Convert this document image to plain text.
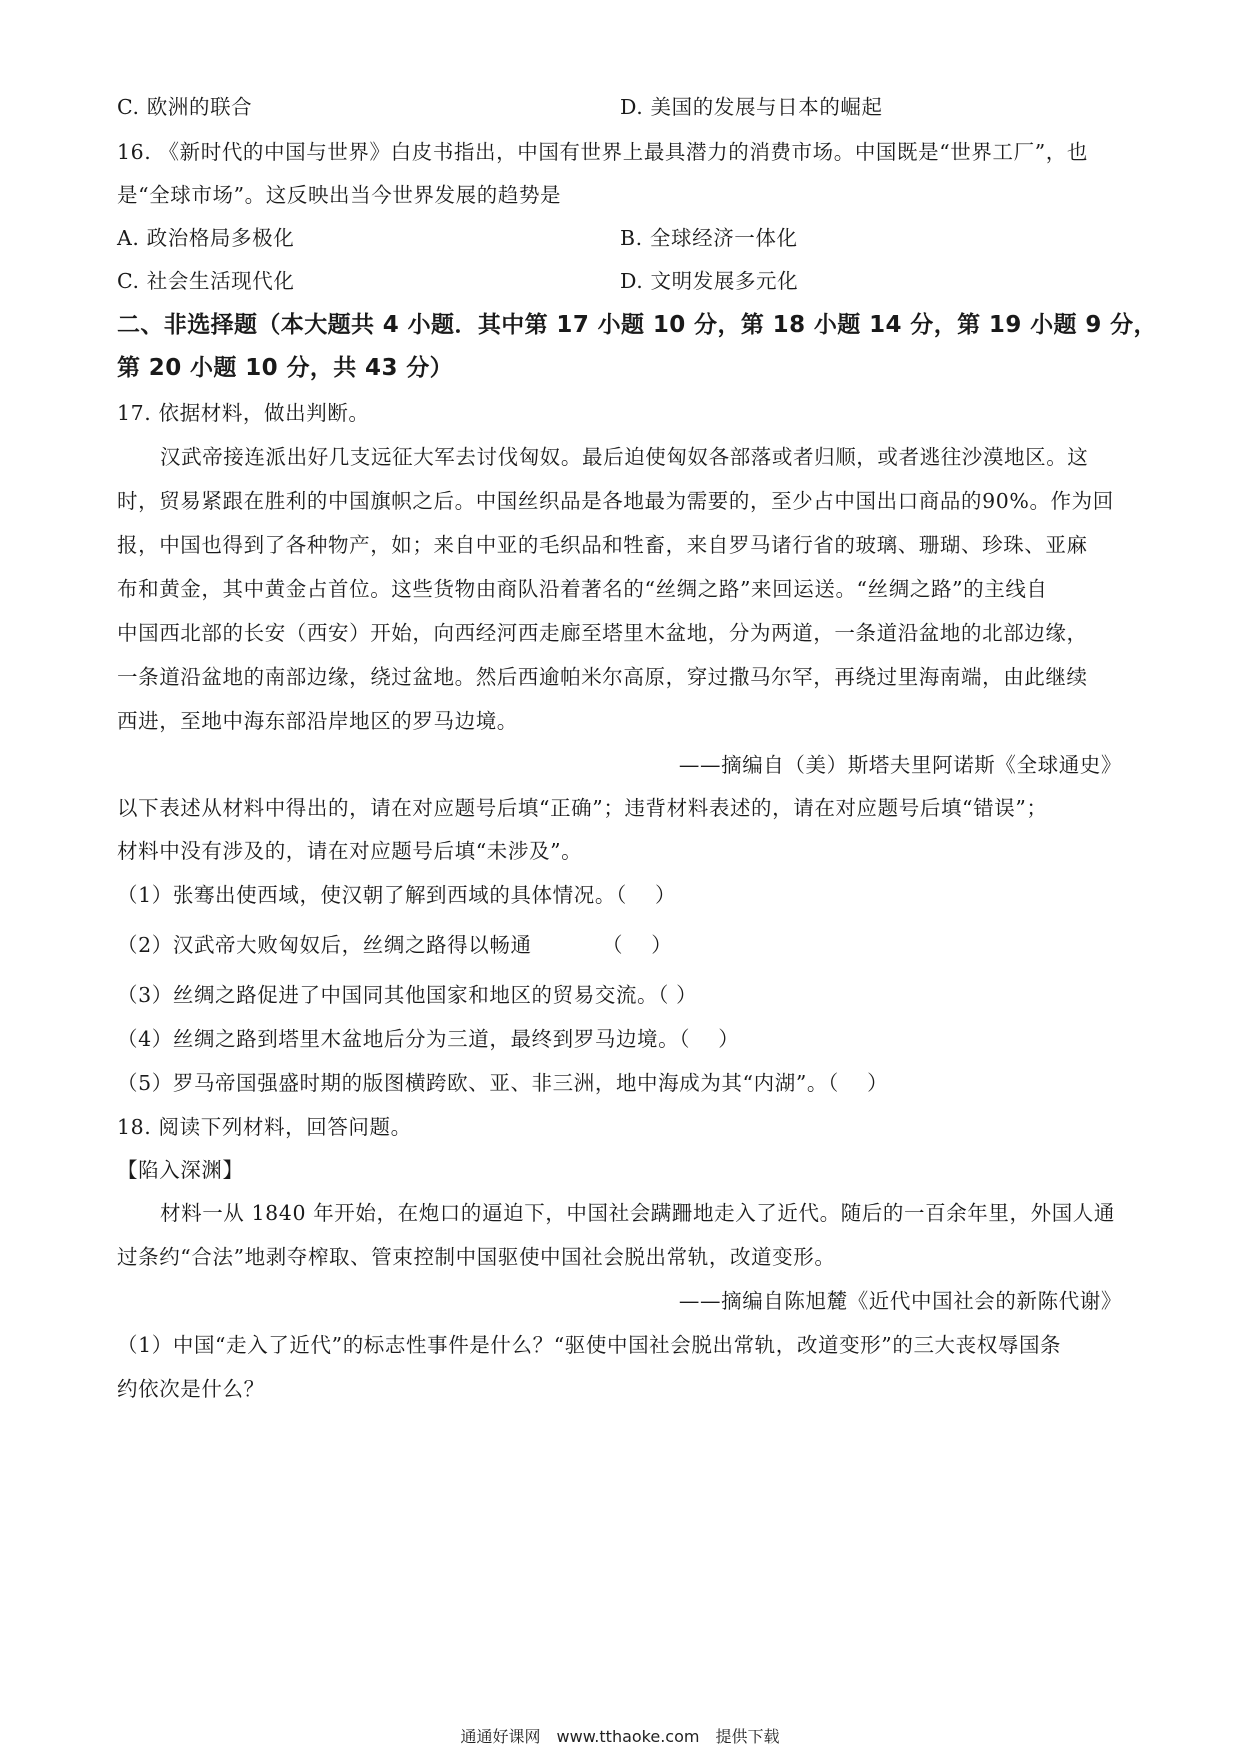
C. 欧洲的联合	D. 美国的发展与日本的崛起
16. 《新时代的中国与世界》白皮书指出，中国有世界上最具潜力的消费市场。中国既是“世界工厂”，也
是“全球市场”。这反映出当今世界发展的趋势是
A. 政治格局多极化	B. 全球经济一体化
C. 社会生活现代化	D. 文明发展多元化
二、非选择题（本大题共 4 小题．其中第 17 小题 10 分，第 18 小题 14 分，第 19 小题 9 分，
第 20 小题 10 分，共 43 分）
17. 依据材料，做出判断。
汉武帝接连派出好几支远征大军去讨伐匈奴。最后迫使匈奴各部落或者归顺，或者逃往沙漠地区。这
时，贸易紧跟在胜利的中国旗帜之后。中国丝织品是各地最为需要的，至少占中国出口商品的90%。作为回
报，中国也得到了各种物产，如；来自中亚的毛织品和牲畜，来自罗马诸行省的玻璃、珊瑚、珍珠、亚麻
布和黄金，其中黄金占首位。这些货物由商队沿着著名的“丝绸之路”来回运送。“丝绸之路”的主线自
中国西北部的长安（西安）开始，向西经河西走廊至塔里木盆地，分为两道，一条道沿盆地的北部边缘，
一条道沿盆地的南部边缘，绕过盆地。然后西逾帕米尔高原，穿过撒马尔罕，再绕过里海南端，由此继续
西进，至地中海东部沿岸地区的罗马边境。
——摘编自（美）斯塔夫里阿诺斯《全球通史》
以下表述从材料中得出的，请在对应题号后填“正确”；违背材料表述的，请在对应题号后填“错误”；
材料中没有涉及的，请在对应题号后填“未涉及”。
（1）张骞出使西域，使汉朝了解到西域的具体情况。（　 ）
（2）汉武帝大败匈奴后，丝绸之路得以畅通　　　 （　 ）
（3）丝绸之路促进了中国同其他国家和地区的贸易交流。（ ）
（4）丝绸之路到塔里木盆地后分为三道，最终到罗马边境。（　 ）
（5）罗马帝国强盛时期的版图横跨欧、亚、非三洲，地中海成为其“内湖”。（　 ）
18. 阅读下列材料，回答问题。
【陷入深渊】
材料一从 1840 年开始，在炮口的逼迫下，中国社会蹒跚地走入了近代。随后的一百余年里，外国人通
过条约“合法”地剥夺榨取、管束控制中国驱使中国社会脱出常轨，改道变形。
——摘编自陈旭麓《近代中国社会的新陈代谢》
（1）中国“走入了近代”的标志性事件是什么？“驱使中国社会脱出常轨，改道变形”的三大丧权辱国条
约依次是什么？
通通好课网　www.tthaoke.com　提供下载
